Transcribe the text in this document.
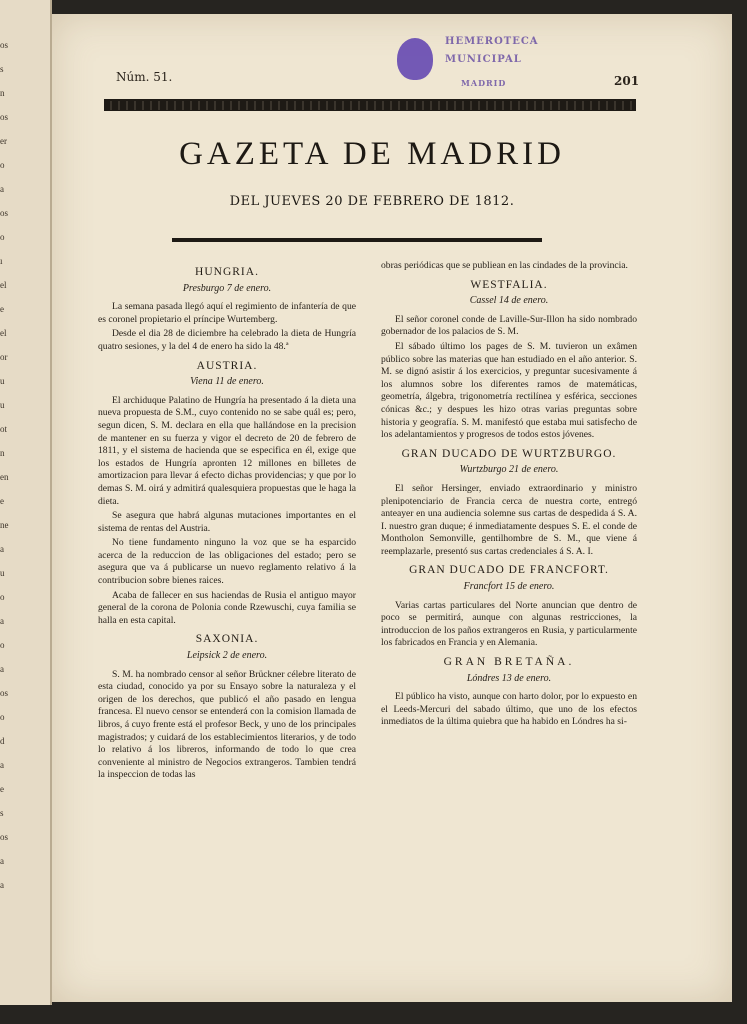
os
s
n
os
er
o
a
os
o
ı
el
e
el
or
u
u
ot
n
en
e
ne
a
u
o
a
o
a
os
o
d
a
e
s
os
a
a
HEMEROTECA
MUNICIPAL
MADRID
Núm. 51.	201
GAZETA DE MADRID
DEL JUEVES 20 DE FEBRERO DE 1812.
HUNGRIA.
Presburgo 7 de enero.

La semana pasada llegó aquí el regimiento de infantería de que es coronel propietario el príncipe Wurtemberg.

Desde el dia 28 de diciembre ha celebrado la dieta de Hungría quatro sesiones, y la del 4 de enero ha sido la 48.ª

AUSTRIA.
Viena 11 de enero.

El archiduque Palatino de Hungría ha presentado á la dieta una nueva propuesta de S.M., cuyo contenido no se sabe quál es; pero, segun dicen, S. M. declara en ella que hallándose en la precision de mantener en su fuerza y vigor el decreto de 20 de febrero de 1811, y el sistema de hacienda que se especifica en él, exige que los estados de Hungría apronten 12 millones en billetes de amortizacion para llevar á efecto dichas providencias; y que por lo demas S. M. oirá y admitirá qualesquiera propuestas que le haga la dieta.

Se asegura que habrá algunas mutaciones importantes en el sistema de rentas del Austria.

No tiene fundamento ninguno la voz que se ha esparcido acerca de la reduccion de las obligaciones del estado; pero se asegura que va á publicarse un nuevo reglamento relativo á la contribucion sobre bienes raices.

Acaba de fallecer en sus haciendas de Rusia el antiguo mayor general de la corona de Polonia conde Rzewuschi, cuya familia se halla en esta capital.

SAXONIA.
Leipsick 2 de enero.

S. M. ha nombrado censor al señor Brückner célebre literato de esta ciudad, conocido ya por su Ensayo sobre la naturaleza y el origen de los derechos, que publicó el año pasado en lengua francesa. El nuevo censor se entenderá con la comision llamada de libros, á cuyo frente está el profesor Beck, y uno de los principales magistrados; y cuidará de los establecimientos literarios, y de todo lo relativo á los libreros, informando de todo lo que crea conveniente al ministro de Negocios extrangeros. Tambien tendrá la inspeccion de todas las

obras periódicas que se publiean en las cindades de la provincia.

WESTFALIA.
Cassel 14 de enero.

El señor coronel conde de Laville-Sur-Illon ha sido nombrado gobernador de los palacios de S. M.

El sábado último los pages de S. M. tuvieron un exâmen público sobre las materias que han estudiado en el año anterior. S. M. se dignó asistir á los exercicios, y preguntar sucesivamente á los alumnos sobre los diferentes ramos de matemáticas, geometría, álgebra, trigonometría rectilínea y esférica, secciones cónicas &c.; y despues les hizo otras varias preguntas sobre historia y geografía. S. M. manifestó que estaba mui satisfecho de los adelantamientos y progresos de todos estos jóvenes.

GRAN DUCADO DE WURTZBURGO.
Wurtzburgo 21 de enero.

El señor Hersinger, enviado extraordinario y ministro plenipotenciario de Francia cerca de nuestra corte, entregó anteayer en una audiencia solemne sus cartas de despedida á S. A. I. nuestro gran duque; é inmediatamente despues S. E. el conde de Montholon Semonville, gentilhombre de S. M., que viene á reemplazarle, presentó sus cartas credenciales á S. A. I.

GRAN DUCADO DE FRANCFORT.
Francfort 15 de enero.

Varias cartas particulares del Norte anuncian que dentro de poco se permitirá, aunque con algunas restricciones, la introduccion de los paños extrangeros en Rusia, y particularmente los fabricados en Francia y en Alemania.

GRAN BRETAÑA.
Lóndres 13 de enero.

El público ha visto, aunque con harto dolor, por lo expuesto en el Leeds-Mercuri del sabado último, que uno de los efectos inmediatos de la última quiebra que ha habido en Lóndres ha si-
